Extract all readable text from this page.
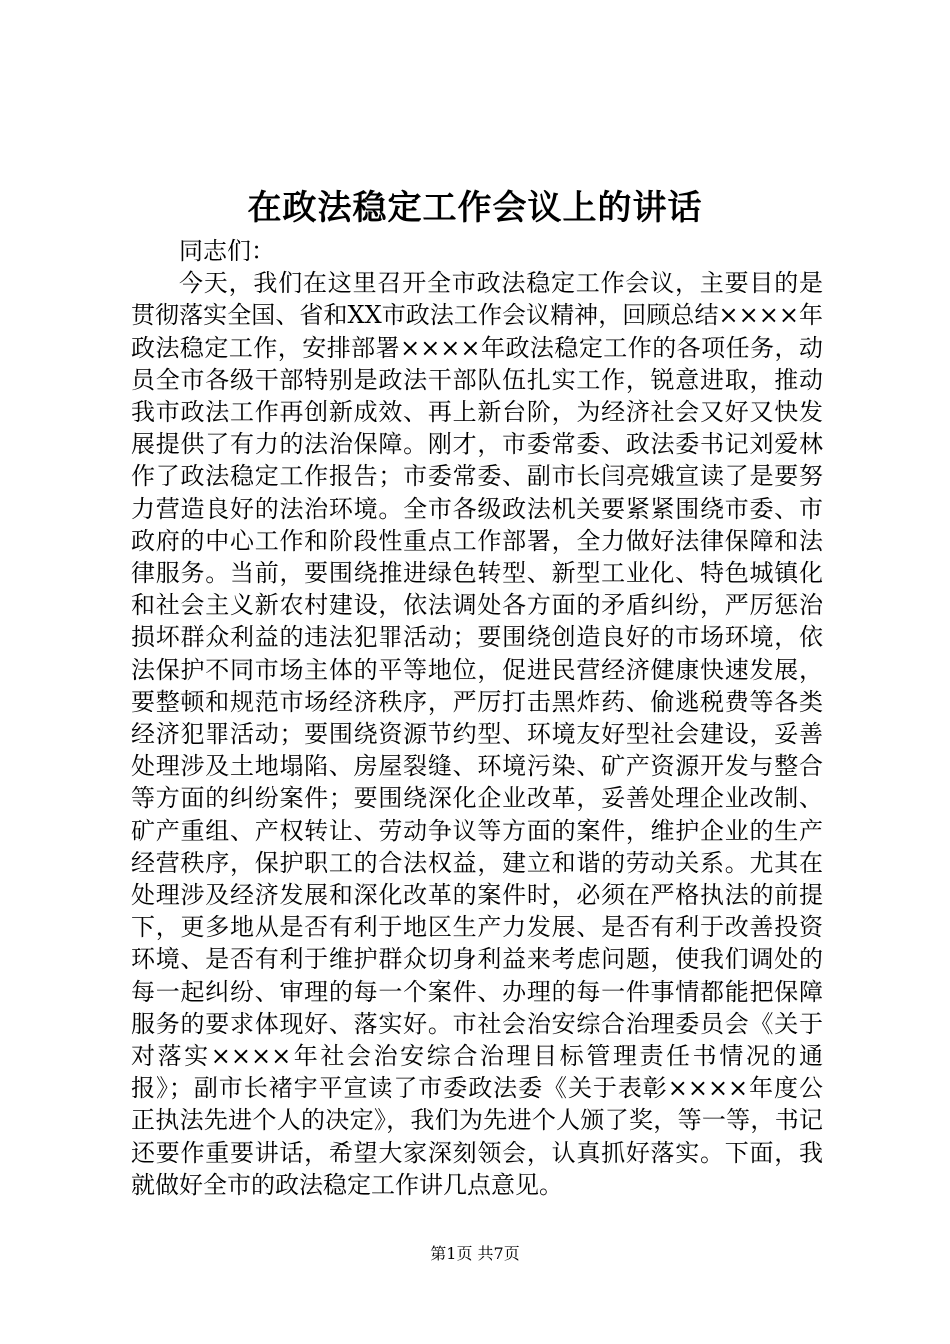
在政法稳定工作会议上的讲话

同志们：

今天，我们在这里召开全市政法稳定工作会议，主要目的是贯彻落实全国、省和XX市政法工作会议精神，回顾总结××××年政法稳定工作，安排部署××××年政法稳定工作的各项任务，动员全市各级干部特别是政法干部队伍扎实工作，锐意进取，推动我市政法工作再创新成效、再上新台阶，为经济社会又好又快发展提供了有力的法治保障。刚才，市委常委、政法委书记刘爱林作了政法稳定工作报告；市委常委、副市长闫亮娥宣读了是要努力营造良好的法治环境。全市各级政法机关要紧紧围绕市委、市政府的中心工作和阶段性重点工作部署，全力做好法律保障和法律服务。当前，要围绕推进绿色转型、新型工业化、特色城镇化和社会主义新农村建设，依法调处各方面的矛盾纠纷，严厉惩治损坏群众利益的违法犯罪活动；要围绕创造良好的市场环境，依法保护不同市场主体的平等地位，促进民营经济健康快速发展，要整顿和规范市场经济秩序，严厉打击黑炸药、偷逃税费等各类经济犯罪活动；要围绕资源节约型、环境友好型社会建设，妥善处理涉及土地塌陷、房屋裂缝、环境污染、矿产资源开发与整合等方面的纠纷案件；要围绕深化企业改革，妥善处理企业改制、矿产重组、产权转让、劳动争议等方面的案件，维护企业的生产经营秩序，保护职工的合法权益，建立和谐的劳动关系。尤其在处理涉及经济发展和深化改革的案件时，必须在严格执法的前提下，更多地从是否有利于地区生产力发展、是否有利于改善投资环境、是否有利于维护群众切身利益来考虑问题，使我们调处的每一起纠纷、审理的每一个案件、办理的每一件事情都能把保障服务的要求体现好、落实好。市社会治安综合治理委员会《关于对落实××××年社会治安综合治理目标管理责任书情况的通报》；副市长褚宇平宣读了市委政法委《关于表彰××××年度公正执法先进个人的决定》，我们为先进个人颁了奖，等一等，书记还要作重要讲话，希望大家深刻领会，认真抓好落实。下面，我就做好全市的政法稳定工作讲几点意见。

第1页 共7页
